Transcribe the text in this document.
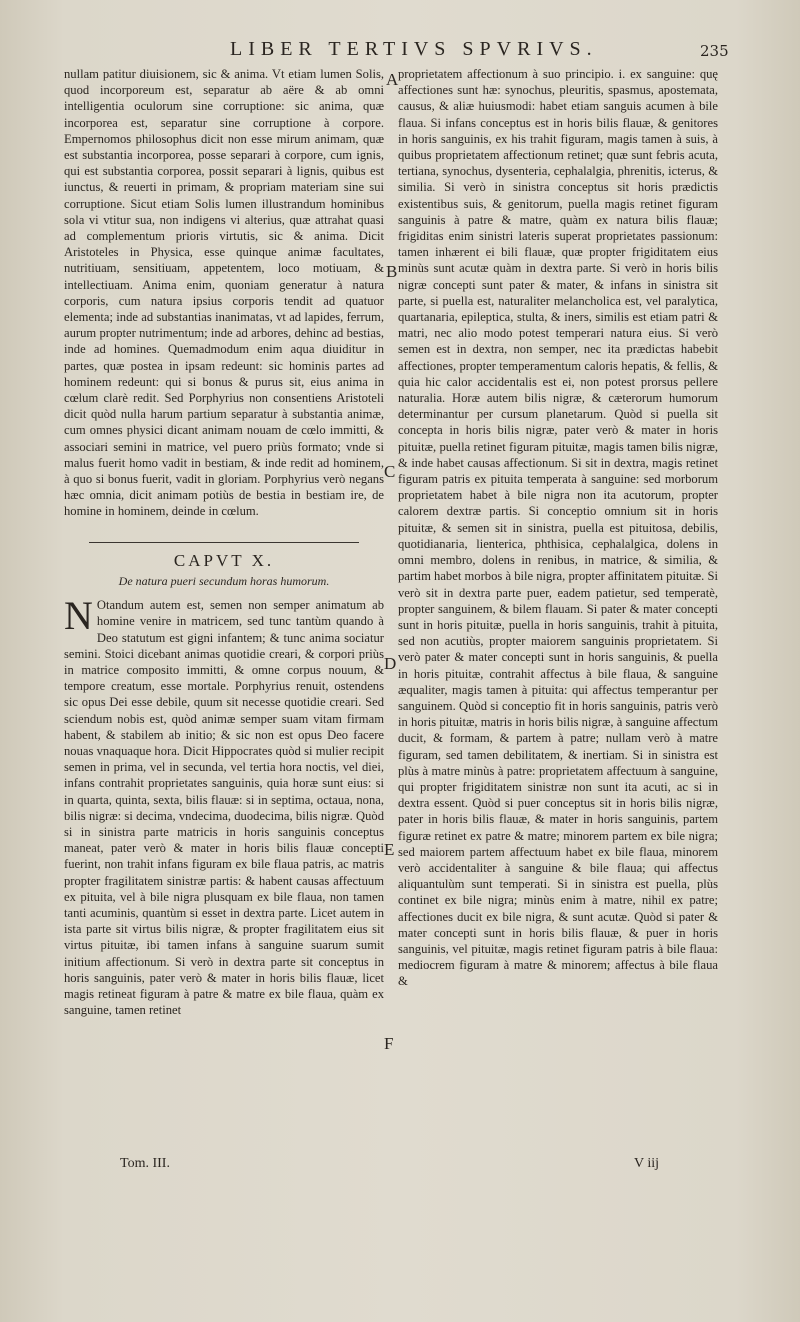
LIBER TERTIVS SPVRIVS.	235

nullam patitur diuisionem, sic & anima. Vt etiam lumen Solis, quod incorporeum est, separatur ab aëre & ab omni intelligentia oculorum sine corruptione: sic anima, quæ incorporea est, separatur sine corruptione à corpore. Empernomos philosophus dicit non esse mirum animam, quæ est substantia incorporea, posse separari à corpore, cum ignis, qui est substantia corporea, possit separari à lignis, quibus est iunctus, & reuerti in primam, & propriam materiam sine sui corruptione. Sicut etiam Solis lumen illustrandum hominibus sola vi vtitur sua, non indigens vi alterius, quæ attrahat quasi ad complementum prioris virtutis, sic & anima. Dicit Aristoteles in Physica, esse quinque animæ facultates, nutritiuam, sensitiuam, appetentem, loco motiuam, & intellectiuam. Anima enim, quoniam generatur à natura corporis, cum natura ipsius corporis tendit ad quatuor elementa; inde ad substantias inanimatas, vt ad lapides, ferrum, aurum propter nutrimentum; inde ad arbores, dehinc ad bestias, inde ad homines. Quemadmodum enim aqua diuiditur in partes, quæ postea in ipsam redeunt: sic hominis partes ad hominem redeunt: qui si bonus & purus sit, eius anima in cœlum clarè redit. Sed Porphyrius non consentiens Aristoteli dicit quòd nulla harum partium separatur à substantia animæ, cum omnes physici dicant animam nouam de cœlo immitti, & associari semini in matrice, vel puero priùs formato; vnde si malus fuerit homo vadit in bestiam, & inde redit ad hominem, à quo si bonus fuerit, vadit in gloriam. Porphyrius verò negans hæc omnia, dicit animam potiùs de bestia in bestiam ire, de homine in hominem, deinde in cœlum.

CAPVT X.
De natura pueri secundum horas humorum.

N Otandum autem est, semen non semper animatum ab homine venire in matricem, sed tunc tantùm quando à Deo statutum est gigni infantem; & tunc anima sociatur semini. Stoici dicebant animas quotidie creari, & corpori priùs in matrice composito immitti, & omne corpus nouum, & tempore creatum, esse mortale. Porphyrius renuit, ostendens sic opus Dei esse debile, quum sit necesse quotidie creari. Sed sciendum nobis est, quòd animæ semper suam vitam firmam habent, & stabilem ab initio; & sic non est opus Deo facere nouas vnaquaque hora. Dicit Hippocrates quòd si mulier recipit semen in prima, vel in secunda, vel tertia hora noctis, vel diei, infans contrahit proprietates sanguinis, quia horæ sunt eius: si in quarta, quinta, sexta, bilis flauæ: si in septima, octaua, nona, bilis nigræ: si decima, vndecima, duodecima, bilis nigræ. Quòd si in sinistra parte matricis in horis sanguinis conceptus maneat, pater verò & mater in horis bilis flauæ concepti fuerint, non trahit infans figuram ex bile flaua patris, ac matris propter fragilitatem sinistræ partis: & habent causas affectuum ex pituita, vel à bile nigra plusquam ex bile flaua, non tamen tanti acuminis, quantùm si esset in dextra parte. Licet autem in ista parte sit virtus bilis nigræ, & propter fragilitatem eius sit virtus pituitæ, ibi tamen infans à sanguine suarum sumit initium affectionum. Si verò in dextra parte sit conceptus in horis sanguinis, pater verò & mater in horis bilis flauæ, licet magis retineat figuram à patre & matre ex bile flaua, quàm ex sanguine, tamen retinet

A
B
C
D
E
F

proprietatem affectionum à suo principio. i. ex sanguine: quę affectiones sunt hæ: synochus, pleuritis, spasmus, apostemata, causus, & aliæ huiusmodi: habet etiam sanguis acumen à bile flaua. Si infans conceptus est in horis bilis flauæ, & genitores in horis sanguinis, ex his trahit figuram, magis tamen à suis, à quibus proprietatem affectionum retinet; quæ sunt febris acuta, tertiana, synochus, dysenteria, cephalalgia, phrenitis, icterus, & similia. Si verò in sinistra conceptus sit horis prædictis existentibus suis, & genitorum, puella magis retinet figuram sanguinis à patre & matre, quàm ex natura bilis flauæ; frigiditas enim sinistri lateris superat proprietates passionum: tamen inhærent ei bili flauæ, quæ propter frigiditatem eius minùs sunt acutæ quàm in dextra parte. Si verò in horis bilis nigræ concepti sunt pater & mater, & infans in sinistra sit parte, si puella est, naturaliter melancholica est, vel paralytica, quartanaria, epileptica, stulta, & iners, similis est etiam patri & matri, nec alio modo potest temperari natura eius. Si verò semen est in dextra, non semper, nec ita prædictas habebit affectiones, propter temperamentum caloris hepatis, & fellis, & quia hic calor accidentalis est ei, non potest prorsus pellere naturalia. Horæ autem bilis nigræ, & cæterorum humorum determinantur per cursum planetarum. Quòd si puella sit concepta in horis bilis nigræ, pater verò & mater in horis pituitæ, puella retinet figuram pituitæ, magis tamen bilis nigræ, & inde habet causas affectionum. Si sit in dextra, magis retinet figuram patris ex pituita temperata à sanguine: sed morborum proprietatem habet à bile nigra non ita acutorum, propter calorem dextræ partis. Si conceptio omnium sit in horis pituitæ, & semen sit in sinistra, puella est pituitosa, debilis, quotidianaria, lienterica, phthisica, cephalalgica, dolens in omni membro, dolens in renibus, in matrice, & similia, & partim habet morbos à bile nigra, propter affinitatem pituitæ. Si verò sit in dextra parte puer, eadem patietur, sed temperatè, propter sanguinem, & bilem flauam. Si pater & mater concepti sunt in horis pituitæ, puella in horis sanguinis, trahit à pituita, sed non acutiùs, propter maiorem sanguinis proprietatem. Si verò pater & mater concepti sunt in horis sanguinis, & puella in horis pituitæ, contrahit affectus à bile flaua, & sanguine æqualiter, magis tamen à pituita: qui affectus temperantur per sanguinem. Quòd si conceptio fit in horis sanguinis, patris verò in horis pituitæ, matris in horis bilis nigræ, à sanguine affectum ducit, & formam, & partem à patre; nullam verò à matre figuram, sed tamen debilitatem, & inertiam. Si in sinistra est plùs à matre minùs à patre: proprietatem affectuum à sanguine, qui propter frigiditatem sinistræ non sunt ita acuti, ac si in dextra essent. Quòd si puer conceptus sit in horis bilis nigræ, pater in horis bilis flauæ, & mater in horis sanguinis, partem figuræ retinet ex patre & matre; minorem partem ex bile nigra; sed maiorem partem affectuum habet ex bile flaua, minorem verò accidentaliter à sanguine & bile flaua; qui affectus aliquantulùm sunt temperati. Si in sinistra est puella, plùs continet ex bile nigra; minùs enim à matre, nihil ex patre; affectiones ducit ex bile nigra, & sunt acutæ. Quòd si pater & mater concepti sunt in horis bilis flauæ, & puer in horis sanguinis, vel pituitæ, magis retinet figuram patris à bile flaua: mediocrem figuram à matre & minorem; affectus à bile flaua &

Tom. III.	V iij
